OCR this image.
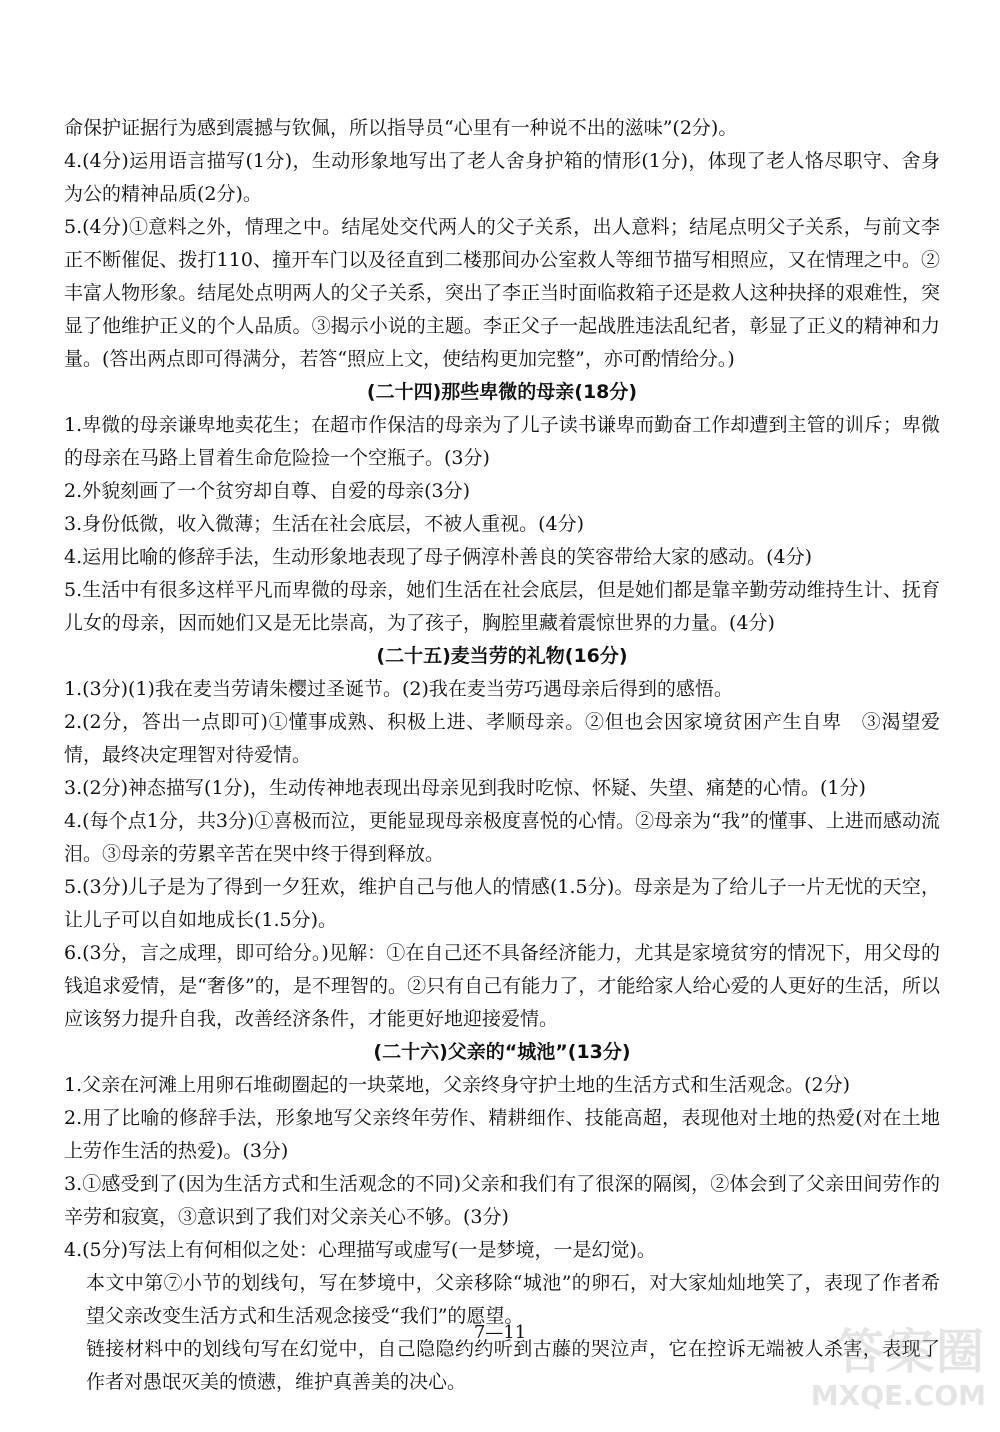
命保护证据行为感到震撼与钦佩，所以指导员“心里有一种说不出的滋味”(2分)。

4.(4分)运用语言描写(1分)，生动形象地写出了老人舍身护箱的情形(1分)，体现了老人恪尽职守、舍身为公的精神品质(2分)。

5.(4分)①意料之外，情理之中。结尾处交代两人的父子关系，出人意料；结尾点明父子关系，与前文李正不断催促、拨打110、撞开车门以及径直到二楼那间办公室救人等细节描写相照应，又在情理之中。②丰富人物形象。结尾处点明两人的父子关系，突出了李正当时面临救箱子还是救人这种抉择的艰难性，突显了他维护正义的个人品质。③揭示小说的主题。李正父子一起战胜违法乱纪者，彰显了正义的精神和力量。(答出两点即可得满分，若答“照应上文，使结构更加完整”，亦可酌情给分。)

(二十四)那些卑微的母亲(18分)

1.卑微的母亲谦卑地卖花生；在超市作保洁的母亲为了儿子读书谦卑而勤奋工作却遭到主管的训斥；卑微的母亲在马路上冒着生命危险捡一个空瓶子。(3分)

2.外貌刻画了一个贫穷却自尊、自爱的母亲(3分)

3.身份低微，收入微薄；生活在社会底层，不被人重视。(4分)

4.运用比喻的修辞手法，生动形象地表现了母子俩淳朴善良的笑容带给大家的感动。(4分)

5.生活中有很多这样平凡而卑微的母亲，她们生活在社会底层，但是她们都是靠辛勤劳动维持生计、抚育儿女的母亲，因而她们又是无比崇高，为了孩子，胸腔里藏着震惊世界的力量。(4分)

(二十五)麦当劳的礼物(16分)

1.(3分)(1)我在麦当劳请朱樱过圣诞节。(2)我在麦当劳巧遇母亲后得到的感悟。

2.(2分，答出一点即可)①懂事成熟、积极上进、孝顺母亲。②但也会因家境贫困产生自卑　③渴望爱情，最终决定理智对待爱情。

3.(2分)神态描写(1分)，生动传神地表现出母亲见到我时吃惊、怀疑、失望、痛楚的心情。(1分)

4.(每个点1分，共3分)①喜极而泣，更能显现母亲极度喜悦的心情。②母亲为“我”的懂事、上进而感动流泪。③母亲的劳累辛苦在哭中终于得到释放。

5.(3分)儿子是为了得到一夕狂欢，维护自己与他人的情感(1.5分)。母亲是为了给儿子一片无忧的天空，让儿子可以自如地成长(1.5分)。

6.(3分，言之成理，即可给分。)见解：①在自己还不具备经济能力，尤其是家境贫穷的情况下，用父母的钱追求爱情，是“奢侈”的，是不理智的。②只有自己有能力了，才能给家人给心爱的人更好的生活，所以应该努力提升自我，改善经济条件，才能更好地迎接爱情。

(二十六)父亲的“城池”(13分)

1.父亲在河滩上用卵石堆砌圈起的一块菜地，父亲终身守护土地的生活方式和生活观念。(2分)

2.用了比喻的修辞手法，形象地写父亲终年劳作、精耕细作、技能高超，表现他对土地的热爱(对在土地上劳作生活的热爱)。(3分)

3.①感受到了(因为生活方式和生活观念的不同)父亲和我们有了很深的隔阂，②体会到了父亲田间劳作的辛劳和寂寞，③意识到了我们对父亲关心不够。(3分)

4.(5分)写法上有何相似之处：心理描写或虚写(一是梦境，一是幻觉)。

本文中第⑦小节的划线句，写在梦境中，父亲移除“城池”的卵石，对大家灿灿地笑了，表现了作者希望父亲改变生活方式和生活观念接受“我们”的愿望。

链接材料中的划线句写在幻觉中，自己隐隐约约听到古藤的哭泣声，它在控诉无端被人杀害，表现了作者对愚氓灭美的愤懑，维护真善美的决心。

7—11	答案圈
MXQE.COM
